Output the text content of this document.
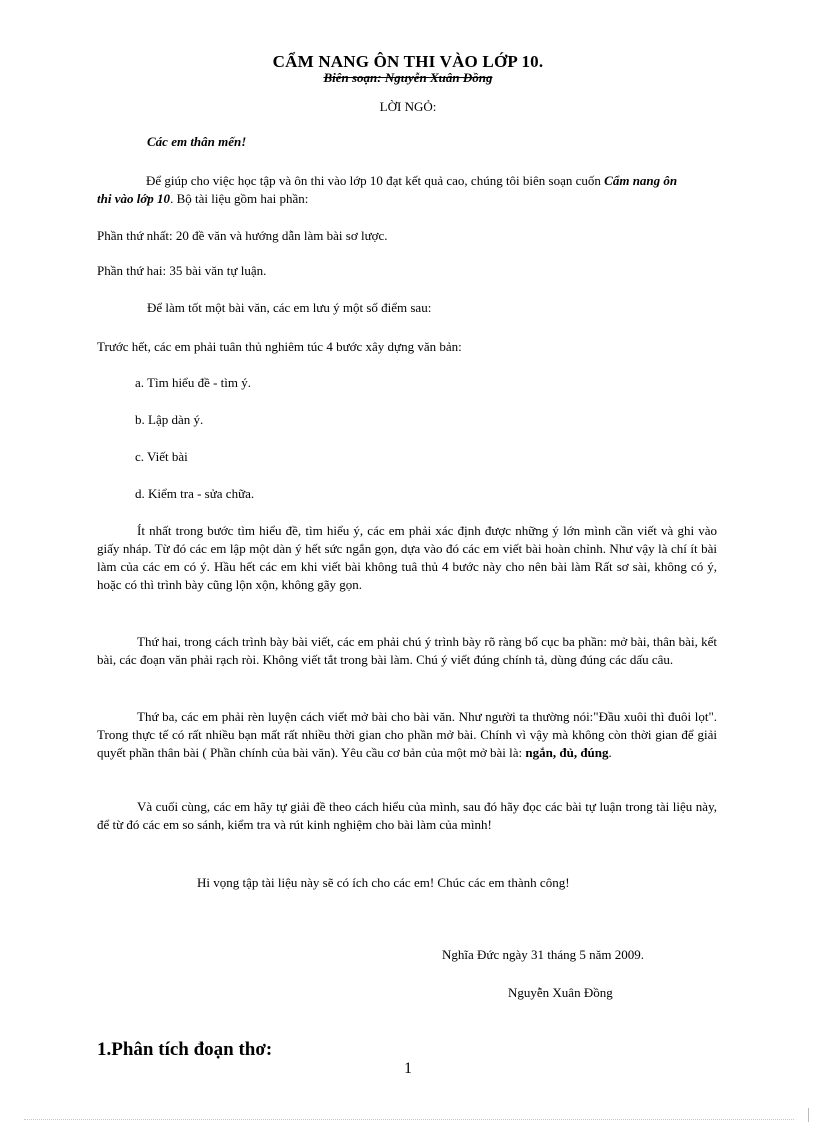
CẨM NANG ÔN THI VÀO LỚP 10.
Biên soạn: Nguyễn Xuân Đồng
LỜI NGỎ:

Các em thân mến!

Để giúp cho việc học tập và ôn thi vào lớp 10 đạt kết quả cao, chúng tôi biên soạn cuốn Cẩm nang ôn thi vào lớp 10. Bộ tài liệu gồm hai phần:

Phần thứ nhất: 20 đề văn và hướng dẫn làm bài sơ lược.

Phần thứ hai: 35 bài văn tự luận.

Để làm tốt một bài văn, các em lưu ý một số điểm sau:

Trước hết, các em phải tuân thủ nghiêm túc 4 bước xây dựng văn bản:

a. Tìm hiểu đề - tìm ý.

b. Lập dàn ý.

c. Viết bài

d. Kiểm tra - sửa chữa.

Ít nhất trong bước tìm hiểu đề, tìm hiểu ý, các em phải xác định được những ý lớn mình cần viết và ghi vào giấy nháp. Từ đó các em lập một dàn ý hết sức ngắn gọn, dựa vào đó các em viết bài hoàn chỉnh. Như vậy là chí ít bài làm của các em có ý. Hầu hết các em khi viết bài không tuâ thủ 4 bước này cho nên bài làm Rất sơ sài, không có ý, hoặc có thì trình bày cũng lộn xộn, không gãy gọn.

Thứ hai, trong cách trình bày bài viết, các em phải chú ý trình bày rõ ràng bố cục ba phần: mở bài, thân bài, kết bài, các đoạn văn phải rạch ròi. Không viết tắt trong bài làm. Chú ý viết đúng chính tả, dùng đúng các dấu câu.

Thứ ba, các em phải rèn luyện cách viết mở bài cho bài văn. Như người ta thường nói:"Đầu xuôi thì đuôi lọt". Trong thực tế có rất nhiều bạn mất rất nhiều thời gian cho phần mở bài. Chính vì vậy mà không còn thời gian để giải quyết phần thân bài ( Phần chính của bài văn). Yêu cầu cơ bản của một mở bài là: ngắn, đủ, đúng.

Và cuối cùng, các em hãy tự giải đề theo cách hiểu của mình, sau đó hãy đọc các bài tự luận trong tài liệu này, để từ đó các em so sánh, kiểm tra và rút kinh nghiệm cho bài làm của mình!

Hi vọng tập tài liệu này sẽ có ích cho các em! Chúc các em thành công!

Nghĩa Đức ngày 31 tháng 5 năm 2009.

Nguyễn Xuân Đồng

1.Phân tích đoạn thơ:
1
